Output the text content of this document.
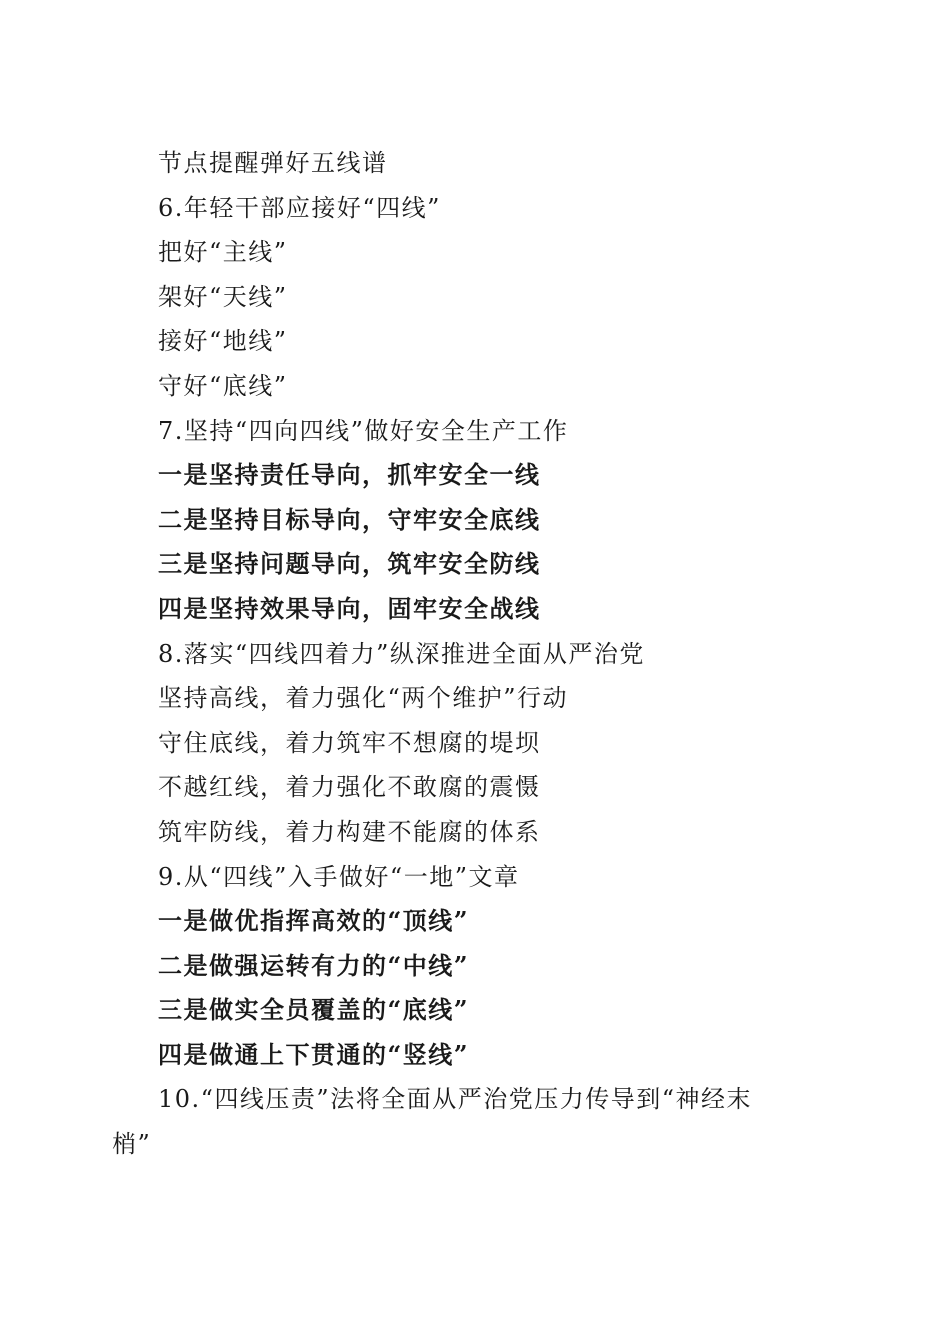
节点提醒弹好五线谱
6.年轻干部应接好“四线”
把好“主线”
架好“天线”
接好“地线”
守好“底线”
7.坚持“四向四线”做好安全生产工作
一是坚持责任导向，抓牢安全一线
二是坚持目标导向，守牢安全底线
三是坚持问题导向，筑牢安全防线
四是坚持效果导向，固牢安全战线
8.落实“四线四着力”纵深推进全面从严治党
坚持高线，着力强化“两个维护”行动
守住底线，着力筑牢不想腐的堤坝
不越红线，着力强化不敢腐的震慑
筑牢防线，着力构建不能腐的体系
9.从“四线”入手做好“一地”文章
一是做优指挥高效的“顶线”
二是做强运转有力的“中线”
三是做实全员覆盖的“底线”
四是做通上下贯通的“竖线”
10.“四线压责”法将全面从严治党压力传导到“神经末
梢”
